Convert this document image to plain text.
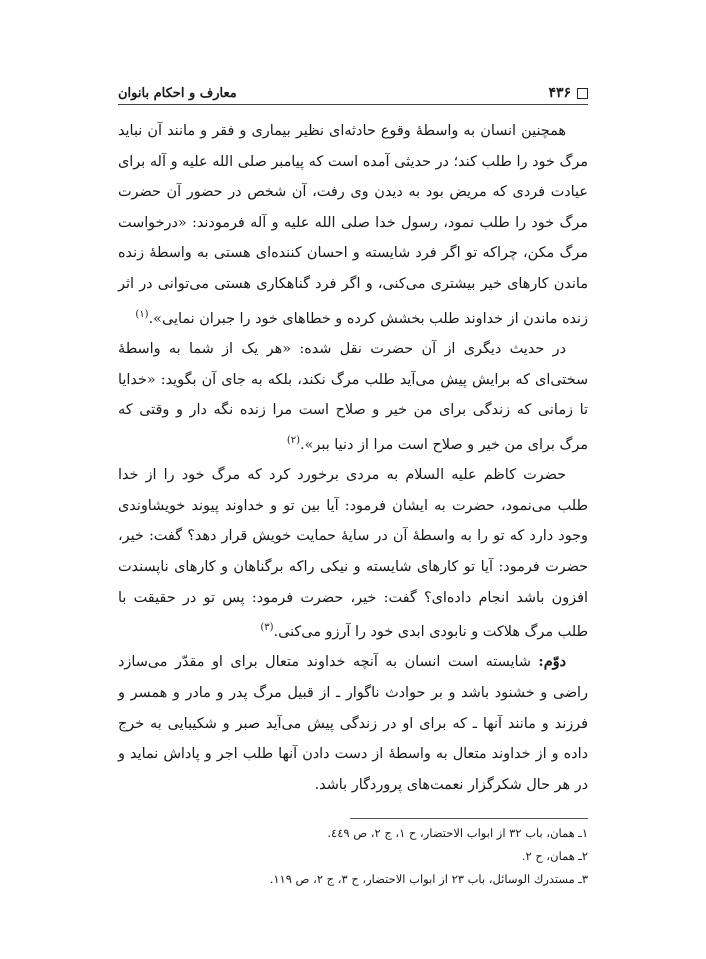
۴۳۶
معارف و احکام بانوان

همچنین انسان به واسطهٔ وقوع حادثه‌ای نظیر بیماری و فقر و مانند آن نباید مرگ خود را طلب کند؛ در حدیثی آمده است که پیامبر صلی الله علیه و آله برای عیادت فردی که مریض بود به دیدن وی رفت، آن شخص در حضور آن حضرت مرگ خود را طلب نمود، رسول خدا صلی الله علیه و آله فرمودند: «درخواست مرگ مکن، چراکه تو اگر فرد شایسته و احسان کننده‌ای هستی به واسطهٔ زنده ماندن کارهای خیر بیشتری می‌کنی، و اگر فرد گناهکاری هستی می‌توانی در اثر زنده ماندن از خداوند طلب بخشش کرده و خطاهای خود را جبران نمایی».$^{(۱)}$

در حدیث دیگری از آن حضرت نقل شده: «هر یک از شما به واسطهٔ سختی‌ای که برایش پیش می‌آید طلب مرگ نکند، بلکه به جای آن بگوید: «خدایا تا زمانی که زندگی برای من خیر و صلاح است مرا زنده نگه دار و وقتی که مرگ برای من خیر و صلاح است مرا از دنیا ببر».$^{(۲)}$

حضرت کاظم علیه السلام به مردی برخورد کرد که مرگ خود را از خدا طلب می‌نمود، حضرت به ایشان فرمود: آیا بین تو و خداوند پیوند خویشاوندی وجود دارد که تو را به واسطهٔ آن در سایهٔ حمایت خویش قرار دهد؟ گفت: خیر، حضرت فرمود: آیا تو کارهای شایسته و نیکی راکه برگناهان و کارهای ناپسندت افزون باشد انجام داده‌ای؟ گفت: خیر، حضرت فرمود: پس تو در حقیقت با طلب مرگ هلاکت و نابودی ابدی خود را آرزو می‌کنی.$^{(۳)}$

دوّم: شایسته است انسان به آنچه خداوند متعال برای او مقدّر می‌سازد راضی و خشنود باشد و بر حوادث ناگوار ـ از قبیل مرگ پدر و مادر و همسر و فرزند و مانند آنها ـ که برای او در زندگی پیش می‌آید صبر و شکیبایی به خرج داده و از خداوند متعال به واسطهٔ از دست دادن آنها طلب اجر و پاداش نماید و در هر حال شکرگزار نعمت‌های پروردگار باشد.

۱ـ همان، باب ۳۲ از ابواب الاحتضار، ح ۱، ج ۲، ص ٤٤٩.
۲ـ همان، ح ۲.
۳ـ مستدرك الوسائل، باب ۲۳ از ابواب الاحتضار، ح ۳، ج ۲، ص ۱۱۹.
